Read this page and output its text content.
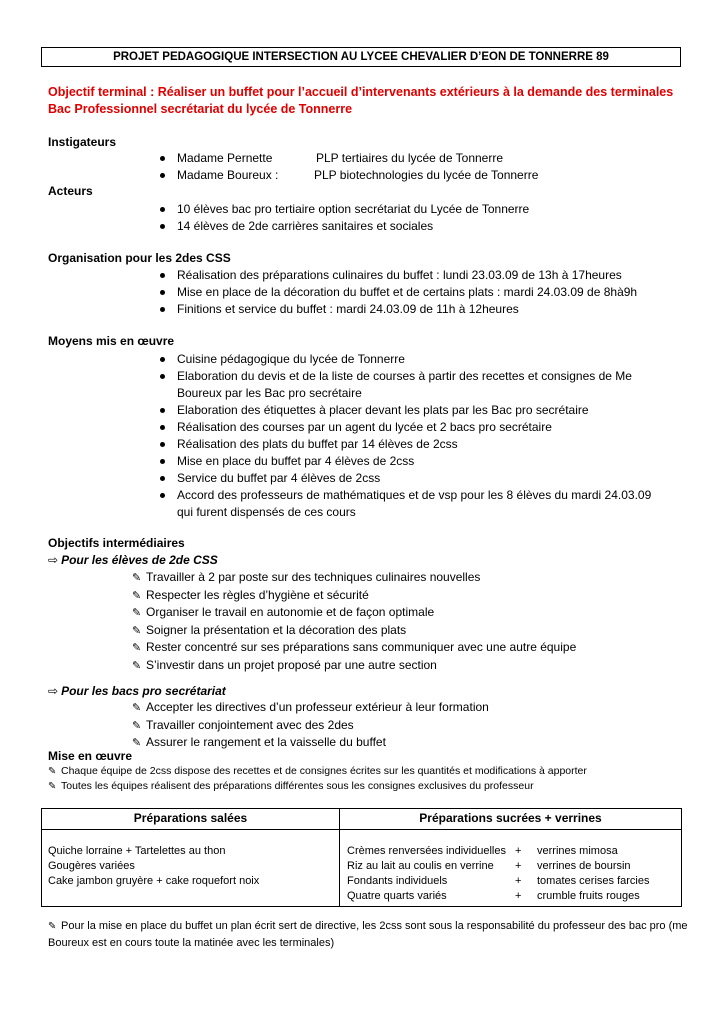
PROJET PEDAGOGIQUE INTERSECTION AU LYCEE CHEVALIER D’EON DE TONNERRE 89
Objectif terminal : Réaliser un buffet pour l’accueil d’intervenants extérieurs à la demande des terminales Bac Professionnel secrétariat du lycée de Tonnerre
Instigateurs
Madame Pernette	PLP tertiaires du lycée de Tonnerre
Madame Boureux :	PLP biotechnologies du lycée de Tonnerre
Acteurs
10 élèves bac pro tertiaire option secrétariat du Lycée de Tonnerre
14 élèves de 2de carrières sanitaires et sociales
Organisation pour les 2des CSS
Réalisation des préparations culinaires du buffet : lundi 23.03.09 de 13h à 17heures
Mise en place de la décoration du buffet et de certains plats : mardi 24.03.09 de 8hà9h
Finitions et service du buffet : mardi 24.03.09 de 11h à 12heures
Moyens mis en œuvre
Cuisine pédagogique du lycée de Tonnerre
Elaboration du devis et de la liste de courses à partir des recettes et consignes de Me Boureux par les Bac pro secrétaire
Elaboration des étiquettes à placer devant les plats par les Bac pro secrétaire
Réalisation des courses par un agent du lycée et 2 bacs pro secrétaire
Réalisation des plats du buffet par 14 élèves de 2css
Mise en place du buffet par 4 élèves de 2css
Service du buffet par 4 élèves de 2css
Accord des professeurs de mathématiques et de vsp pour les 8 élèves du mardi 24.03.09 qui furent dispensés de ces cours
Objectifs intermédiaires
⇨ Pour les élèves de 2de CSS
✎ Travailler à 2 par poste sur des techniques culinaires nouvelles
✎ Respecter les règles d’hygiène et sécurité
✎ Organiser le travail en autonomie et de façon optimale
✎ Soigner la présentation et la décoration des plats
✎ Rester concentré sur ses préparations sans communiquer avec une autre équipe
✎ S’investir dans un projet proposé par une autre section
⇨ Pour les bacs pro secrétariat
✎ Accepter les directives d’un professeur extérieur à leur formation
✎ Travailler conjointement avec des 2des
✎ Assurer le rangement et la vaisselle du buffet
Mise en œuvre
✎ Chaque équipe de 2css dispose des recettes et de consignes écrites sur les quantités et modifications à apporter
✎ Toutes les équipes réalisent des préparations différentes sous les consignes exclusives du professeur
Préparations salées
Quiche lorraine + Tartelettes au thon
Gougères variées
Cake jambon gruyère + cake roquefort noix
Préparations sucrées + verrines
Crèmes renversées individuelles + verrines mimosa
Riz au lait au coulis en verrine + verrines de boursin
Fondants individuels	+ tomates cerises farcies
Quatre quarts variés	+ crumble fruits rouges
✎ Pour la mise en place du buffet un plan écrit sert de directive, les 2css sont sous la responsabilité du professeur des bac pro (me Boureux est en cours toute la matinée avec les terminales)
